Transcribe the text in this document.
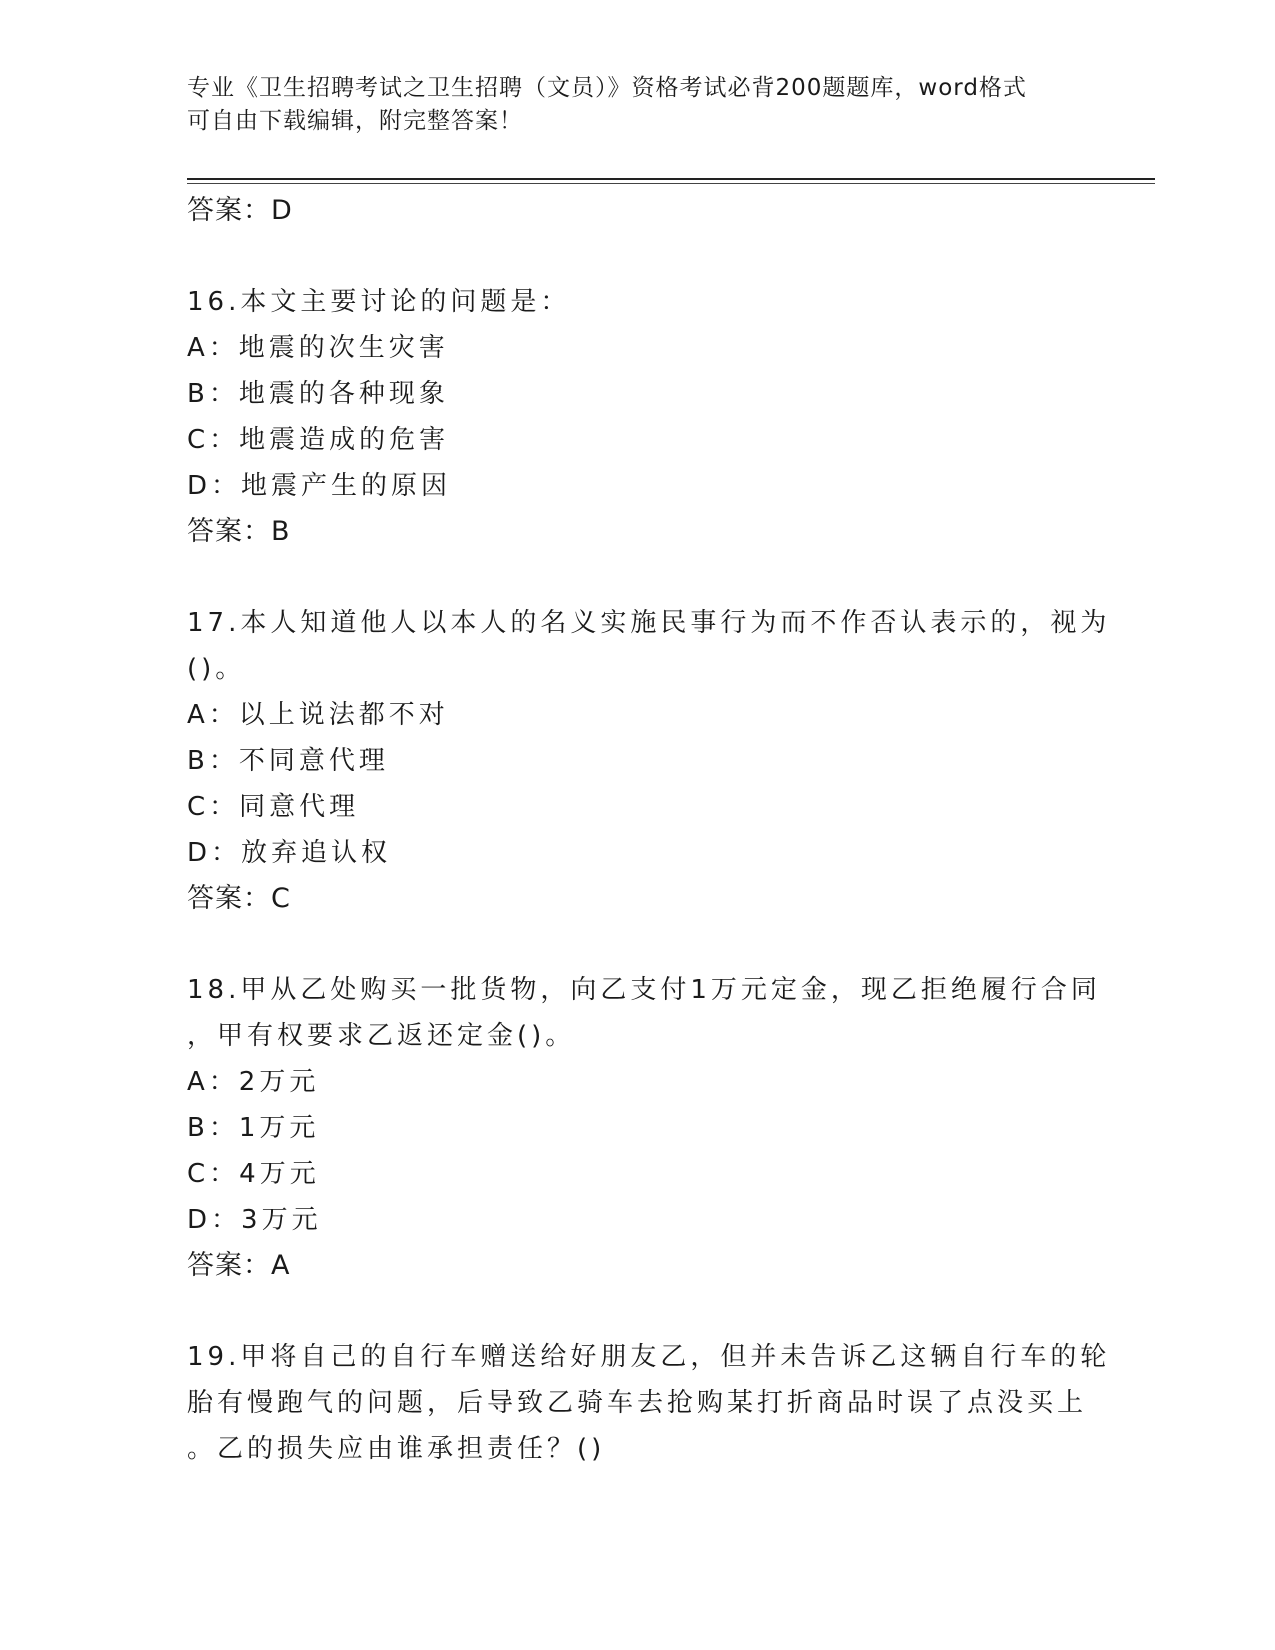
专业《卫生招聘考试之卫生招聘（文员）》资格考试必背200题题库，word格式
可自由下载编辑，附完整答案！
答案：D
16.本文主要讨论的问题是：
A：地震的次生灾害
B：地震的各种现象
C：地震造成的危害
D：地震产生的原因
答案：B
17.本人知道他人以本人的名义实施民事行为而不作否认表示的，视为
()。
A：以上说法都不对
B：不同意代理
C：同意代理
D：放弃追认权
答案：C
18.甲从乙处购买一批货物，向乙支付1万元定金，现乙拒绝履行合同
，甲有权要求乙返还定金()。
A：2万元
B：1万元
C：4万元
D：3万元
答案：A
19.甲将自己的自行车赠送给好朋友乙，但并未告诉乙这辆自行车的轮
胎有慢跑气的问题，后导致乙骑车去抢购某打折商品时误了点没买上
。乙的损失应由谁承担责任？()
